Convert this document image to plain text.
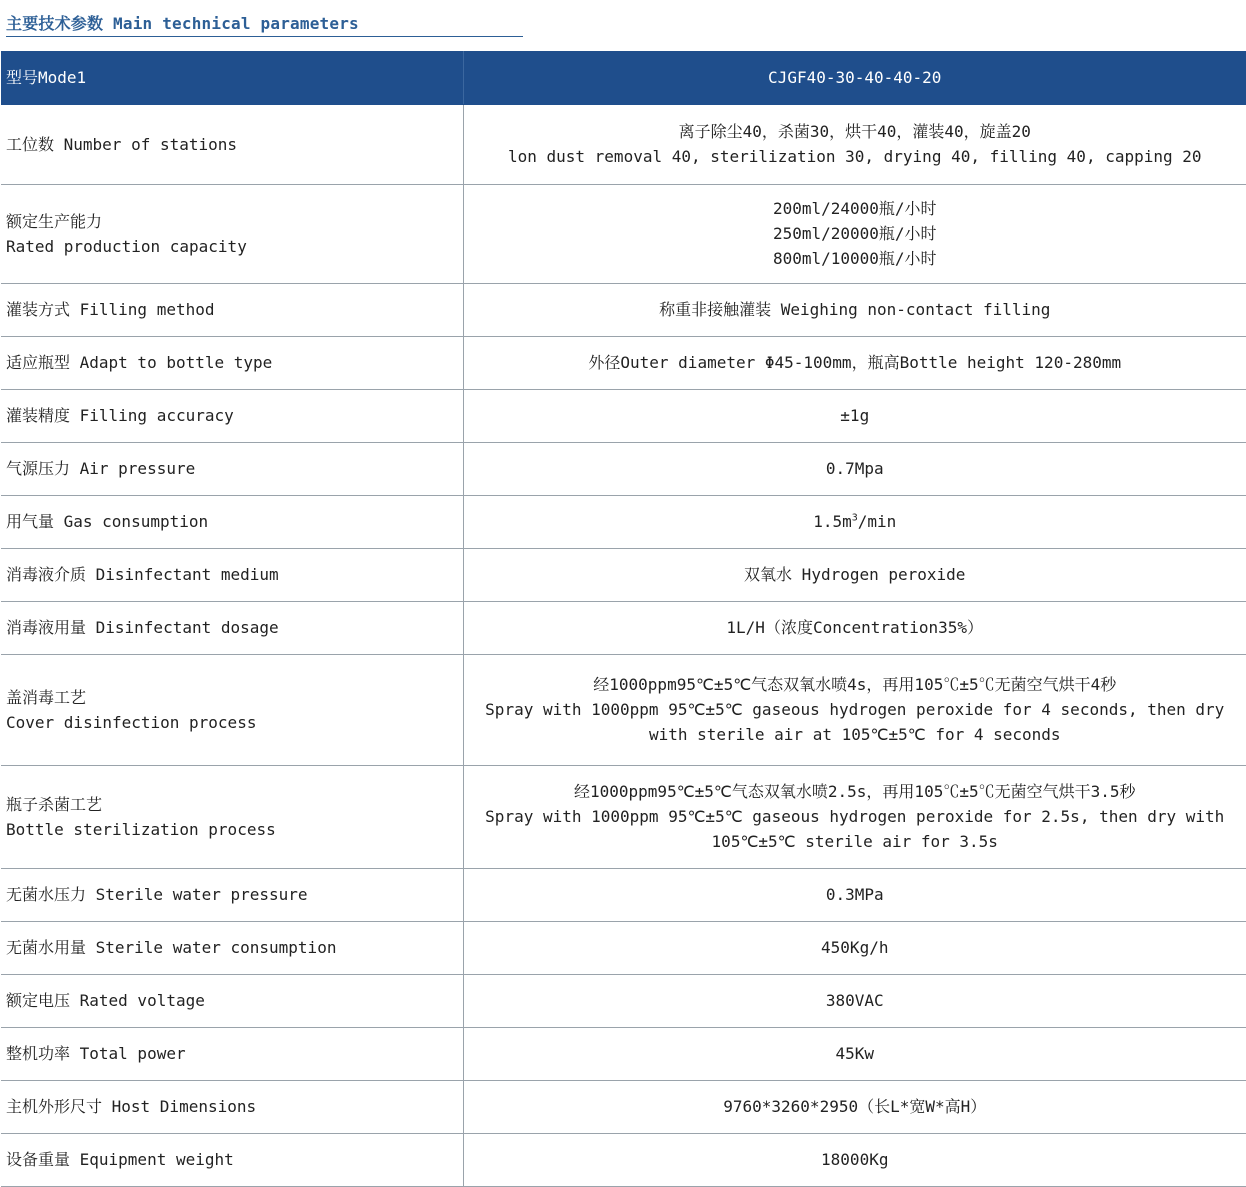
主要技术参数 Main technical parameters
型号Mode1	CJGF40-30-40-40-20
工位数 Number of stations	离子除尘40，杀菌30，烘干40，灌装40，旋盖20
lon dust removal 40, sterilization 30, drying 40, filling 40, capping 20

额定生产能力
Rated production capacity	200ml/24000瓶/小时
250ml/20000瓶/小时
800ml/10000瓶/小时

灌装方式 Filling method	称重非接触灌装 Weighing non-contact filling
适应瓶型 Adapt to bottle type	外径Outer diameter Φ45-100mm，瓶高Bottle height 120-280mm
灌装精度 Filling accuracy	±1g
气源压力 Air pressure	0.7Mpa
用气量 Gas consumption	$1.5m^3/\min$
消毒液介质 Disinfectant medium	双氧水 Hydrogen peroxide
消毒液用量 Disinfectant dosage	1L/H（浓度Concentration35%）

盖消毒工艺
Cover disinfection process	经1000ppm95℃±5℃气态双氧水喷4s，再用105℃±5℃无菌空气烘干4秒
Spray with 1000ppm 95℃±5℃ gaseous hydrogen peroxide for 4 seconds, then dry with sterile air at 105℃±5℃ for 4 seconds

瓶子杀菌工艺
Bottle sterilization process	经1000ppm95℃±5℃气态双氧水喷2.5s，再用105℃±5℃无菌空气烘干3.5秒
Spray with 1000ppm 95℃±5℃ gaseous hydrogen peroxide for 2.5s, then dry with 105℃±5℃ sterile air for 3.5s

无菌水压力 Sterile water pressure	0.3MPa
无菌水用量 Sterile water consumption	450Kg/h
额定电压 Rated voltage	380VAC
整机功率 Total power	45Kw
主机外形尺寸 Host Dimensions	9760*3260*2950（长L*宽W*高H）
设备重量 Equipment weight	18000Kg
